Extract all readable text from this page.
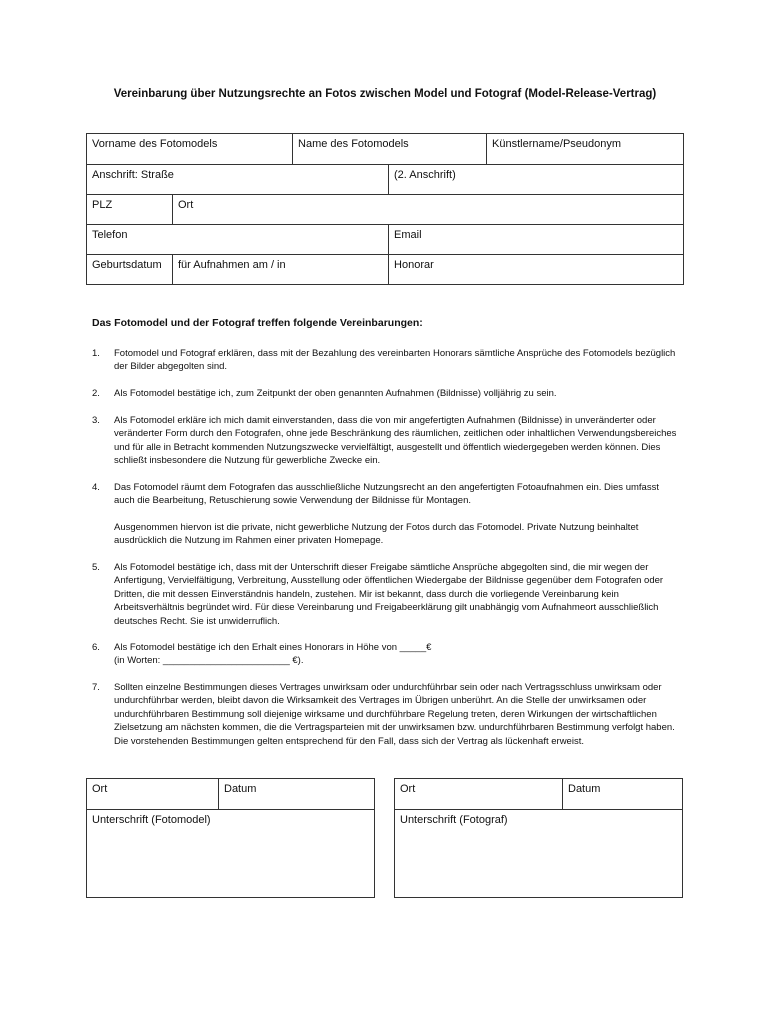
Vereinbarung über Nutzungsrechte an Fotos zwischen Model und Fotograf (Model-Release-Vertrag)
Vorname des Fotomodels		Name des Fotomodels		Künstlername/Pseudonym
Anschrift: Straße			(2. Anschrift)	
PLZ	Ort			
Telefon			Email	
Geburtsdatum	für Aufnahmen am / in		Honorar	
Das Fotomodel und der Fotograf treffen folgende Vereinbarungen:
1.	Fotomodel und Fotograf erklären, dass mit der Bezahlung des vereinbarten Honorars sämtliche Ansprüche des Fotomodels bezüglich der Bilder abgegolten sind.
2.	Als Fotomodel bestätige ich, zum Zeitpunkt der oben genannten Aufnahmen (Bildnisse) volljährig zu sein.
3.	Als Fotomodel erkläre ich mich damit einverstanden, dass die von mir angefertigten Aufnahmen (Bildnisse) in unveränderter oder veränderter Form durch den Fotografen, ohne jede Beschränkung des räumlichen, zeitlichen oder inhaltlichen Verwendungsbereiches und für alle in Betracht kommenden Nutzungszwecke vervielfältigt, ausgestellt und öffentlich wiedergegeben werden können. Dies schließt insbesondere die Nutzung für gewerbliche Zwecke ein.
4.	Das Fotomodel räumt dem Fotografen das ausschließliche Nutzungsrecht an den angefertigten Fotoaufnahmen ein. Dies umfasst auch die Bearbeitung, Retuschierung sowie Verwendung der Bildnisse für Montagen.
Ausgenommen hiervon ist die private, nicht gewerbliche Nutzung der Fotos durch das Fotomodel. Private Nutzung beinhaltet ausdrücklich die Nutzung im Rahmen einer privaten Homepage.
5.	Als Fotomodel bestätige ich, dass mit der Unterschrift dieser Freigabe sämtliche Ansprüche abgegolten sind, die mir wegen der Anfertigung, Vervielfältigung, Verbreitung, Ausstellung oder öffentlichen Wiedergabe der Bildnisse gegenüber dem Fotografen oder Dritten, die mit dessen Einverständnis handeln, zustehen. Mir ist bekannt, dass durch die vorliegende Vereinbarung kein Arbeitsverhältnis begründet wird. Für diese Vereinbarung und Freigabeerklärung gilt unabhängig vom Aufnahmeort ausschließlich deutsches Recht. Sie ist unwiderruflich.
6.	Als Fotomodel bestätige ich den Erhalt eines Honorars in Höhe von _____€
(in Worten: ________________________ €).
7.	Sollten einzelne Bestimmungen dieses Vertrages unwirksam oder undurchführbar sein oder nach Vertragsschluss unwirksam oder undurchführbar werden, bleibt davon die Wirksamkeit des Vertrages im Übrigen unberührt. An die Stelle der unwirksamen oder undurchführbaren Bestimmung soll diejenige wirksame und durchführbare Regelung treten, deren Wirkungen der wirtschaftlichen Zielsetzung am nächsten kommen, die die Vertragsparteien mit der unwirksamen bzw. undurchführbaren Bestimmung verfolgt haben. Die vorstehenden Bestimmungen gelten entsprechend für den Fall, dass sich der Vertrag als lückenhaft erweist.
Ort	Datum
Unterschrift (Fotomodel)
Ort	Datum
Unterschrift (Fotograf)
